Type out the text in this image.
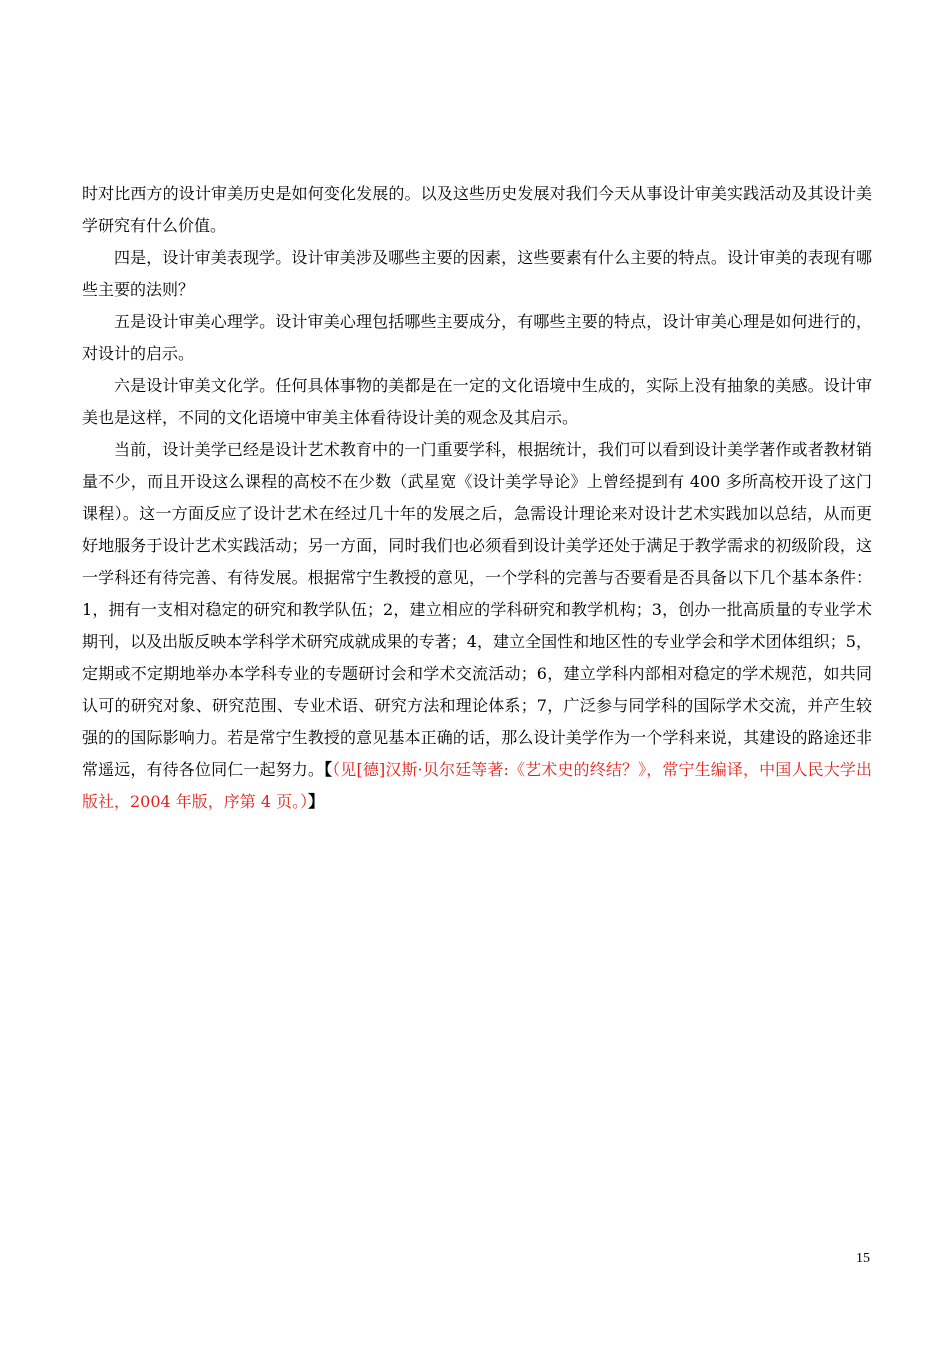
时对比西方的设计审美历史是如何变化发展的。以及这些历史发展对我们今天从事设计审美实践活动及其设计美学研究有什么价值。

四是，设计审美表现学。设计审美涉及哪些主要的因素，这些要素有什么主要的特点。设计审美的表现有哪些主要的法则？

五是设计审美心理学。设计审美心理包括哪些主要成分，有哪些主要的特点，设计审美心理是如何进行的，对设计的启示。

六是设计审美文化学。任何具体事物的美都是在一定的文化语境中生成的，实际上没有抽象的美感。设计审美也是这样，不同的文化语境中审美主体看待设计美的观念及其启示。

当前，设计美学已经是设计艺术教育中的一门重要学科，根据统计，我们可以看到设计美学著作或者教材销量不少，而且开设这么课程的高校不在少数（武星宽《设计美学导论》上曾经提到有 400 多所高校开设了这门课程）。这一方面反应了设计艺术在经过几十年的发展之后，急需设计理论来对设计艺术实践加以总结，从而更好地服务于设计艺术实践活动；另一方面，同时我们也必须看到设计美学还处于满足于教学需求的初级阶段，这一学科还有待完善、有待发展。根据常宁生教授的意见，一个学科的完善与否要看是否具备以下几个基本条件：1，拥有一支相对稳定的研究和教学队伍；2，建立相应的学科研究和教学机构；3，创办一批高质量的专业学术期刊，以及出版反映本学科学术研究成就成果的专著；4，建立全国性和地区性的专业学会和学术团体组织；5，定期或不定期地举办本学科专业的专题研讨会和学术交流活动；6，建立学科内部相对稳定的学术规范，如共同认可的研究对象、研究范围、专业术语、研究方法和理论体系；7，广泛参与同学科的国际学术交流，并产生较强的的国际影响力。若是常宁生教授的意见基本正确的话，那么设计美学作为一个学科来说，其建设的路途还非常遥远，有待各位同仁一起努力。【（见[德]汉斯·贝尔廷等著:《艺术史的终结？》，常宁生编译，中国人民大学出版社，2004 年版，序第 4 页。）】

15
